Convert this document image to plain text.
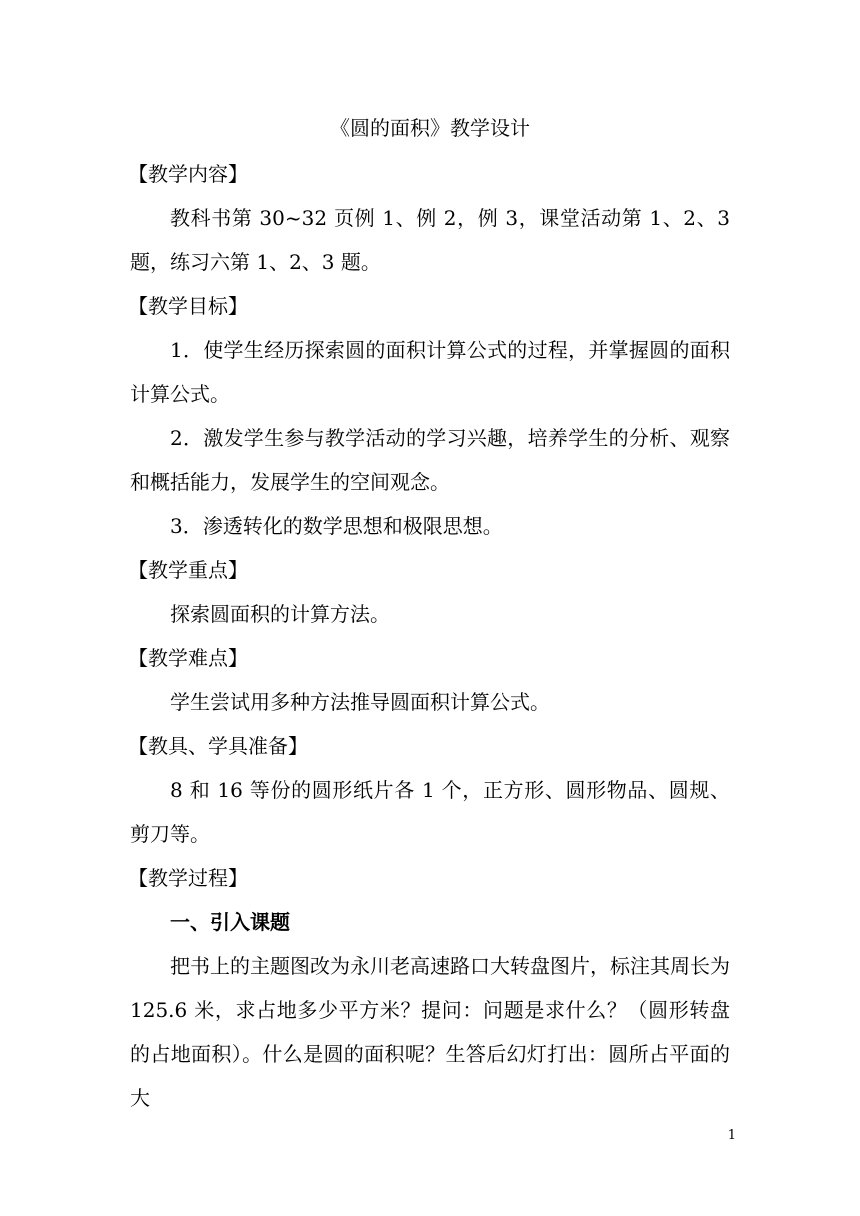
《圆的面积》教学设计

【教学内容】

教科书第 30~32 页例 1、例 2，例 3，课堂活动第 1、2、3 题，练习六第 1、2、3 题。

【教学目标】

1．使学生经历探索圆的面积计算公式的过程，并掌握圆的面积计算公式。

2．激发学生参与教学活动的学习兴趣，培养学生的分析、观察和概括能力，发展学生的空间观念。

3．渗透转化的数学思想和极限思想。

【教学重点】

探索圆面积的计算方法。

【教学难点】

学生尝试用多种方法推导圆面积计算公式。

【教具、学具准备】

8 和 16 等份的圆形纸片各 1 个，正方形、圆形物品、圆规、剪刀等。

【教学过程】

一、引入课题

把书上的主题图改为永川老高速路口大转盘图片，标注其周长为 125.6 米，求占地多少平方米？提问：问题是求什么？（圆形转盘的占地面积）。什么是圆的面积呢？生答后幻灯打出：圆所占平面的大

1
